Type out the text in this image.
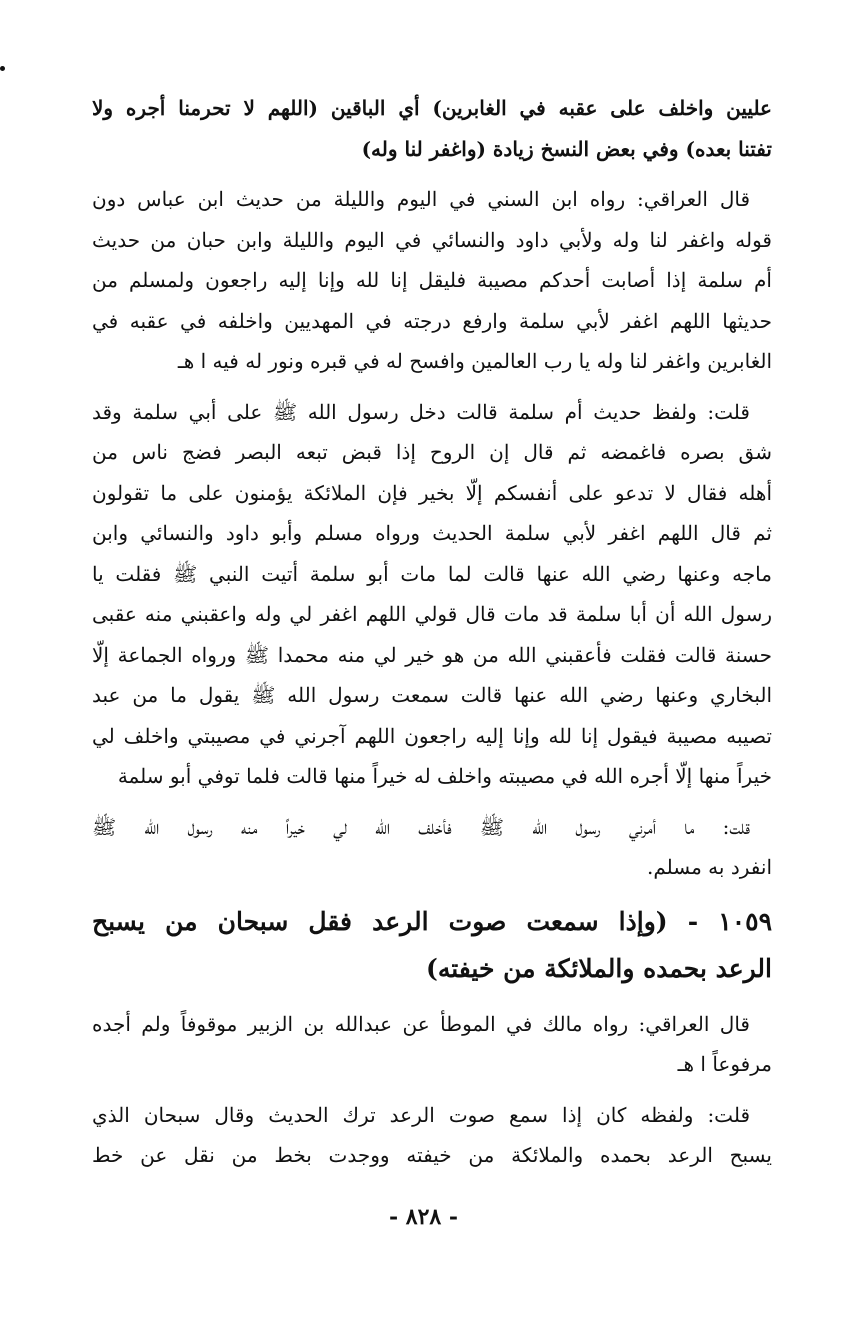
عليين واخلف على عقبه في الغابرين) أي الباقين (اللهم لا تحرمنا أجره ولا
تفتنا بعده) وفي بعض النسخ زيادة (واغفر لنا وله)
قال العراقي: رواه ابن السني في اليوم والليلة من حديث ابن عباس دون
قوله واغفر لنا وله ولأبي داود والنسائي في اليوم والليلة وابن حبان من حديث
أم سلمة إذا أصابت أحدكم مصيبة فليقل إنا لله وإنا إليه راجعون ولمسلم من
حديثها اللهم اغفر لأبي سلمة وارفع درجته في المهديين واخلفه في عقبه في
الغابرين واغفر لنا وله يا رب العالمين وافسح له في قبره ونور له فيه ا هـ
قلت: ولفظ حديث أم سلمة قالت دخل رسول الله ﷺ على أبي سلمة وقد
شق بصره فاغمضه ثم قال إن الروح إذا قبض تبعه البصر فضج ناس من
أهله فقال لا تدعو على أنفسكم إلّا بخير فإن الملائكة يؤمنون على ما تقولون
ثم قال اللهم اغفر لأبي سلمة الحديث ورواه مسلم وأبو داود والنسائي وابن
ماجه وعنها رضي الله عنها قالت لما مات أبو سلمة أتيت النبي ﷺ فقلت يا
رسول الله أن أبا سلمة قد مات قال قولي اللهم اغفر لي وله واعقبني منه عقبى
حسنة قالت فقلت فأعقبني الله من هو خير لي منه محمدا ﷺ ورواه الجماعة إلّا
البخاري وعنها رضي الله عنها قالت سمعت رسول الله ﷺ يقول ما من عبد
تصيبه مصيبة فيقول إنا لله وإنا إليه راجعون اللهم آجرني في مصيبتي واخلف لي
خيراً منها إلّا أجره الله في مصيبته واخلف له خيراً منها قالت فلما توفي أبو سلمة
قلت: ما أمرني رسول الله ﷺ فأخلف الله لي خيراً منه رسول الله ﷺ
انفرد به مسلم.
١٠٥٩ - (وإذا سمعت صوت الرعد فقل سبحان من يسبح
الرعد بحمده والملائكة من خيفته)
قال العراقي: رواه مالك في الموطأ عن عبدالله بن الزبير موقوفاً ولم أجده
مرفوعاً ا هـ
قلت: ولفظه كان إذا سمع صوت الرعد ترك الحديث وقال سبحان الذي
يسبح الرعد بحمده والملائكة من خيفته ووجدت بخط من نقل عن خط
- ٨٢٨ -
